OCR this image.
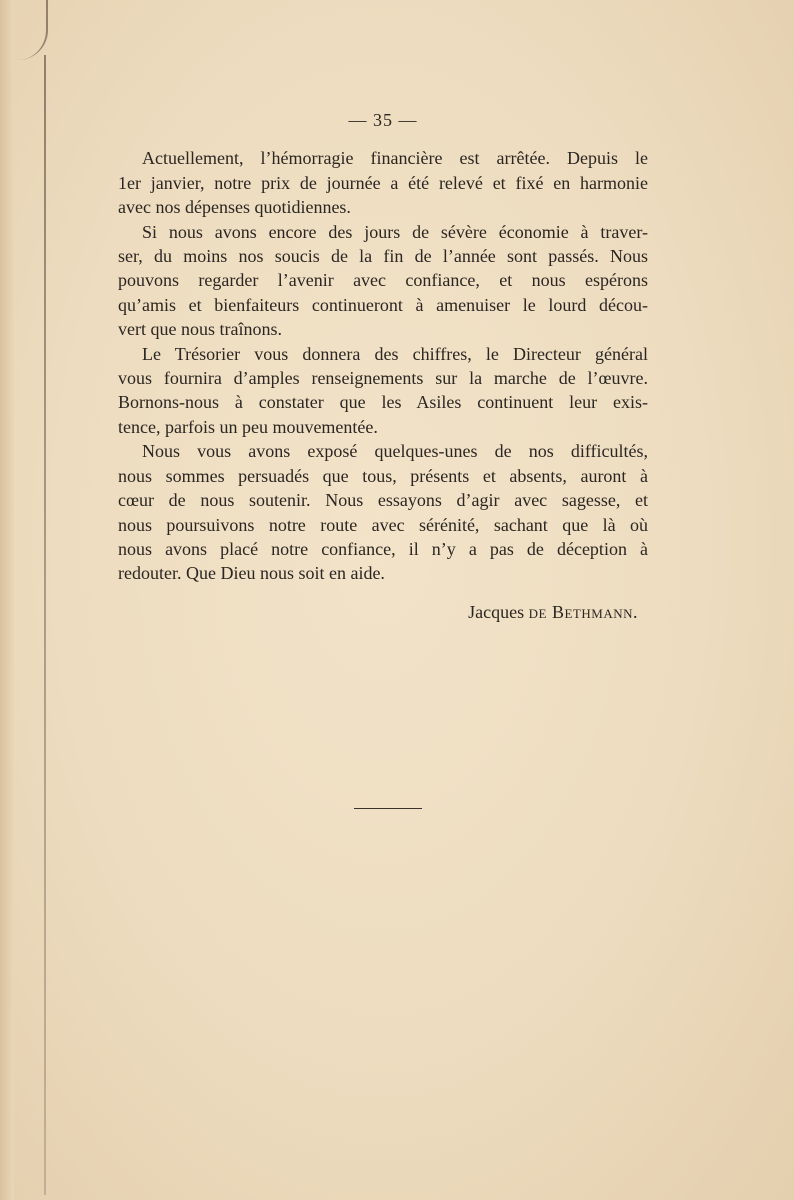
— 35 —
Actuellement, l’hémorragie financière est arrêtée. Depuis le
1er janvier, notre prix de journée a été relevé et fixé en harmonie
avec nos dépenses quotidiennes.
Si nous avons encore des jours de sévère économie à traver-
ser, du moins nos soucis de la fin de l’année sont passés. Nous
pouvons regarder l’avenir avec confiance, et nous espérons
qu’amis et bienfaiteurs continueront à amenuiser le lourd décou-
vert que nous traînons.
Le Trésorier vous donnera des chiffres, le Directeur général
vous fournira d’amples renseignements sur la marche de l’œuvre.
Bornons-nous à constater que les Asiles continuent leur exis-
tence, parfois un peu mouvementée.
Nous vous avons exposé quelques-unes de nos difficultés,
nous sommes persuadés que tous, présents et absents, auront à
cœur de nous soutenir. Nous essayons d’agir avec sagesse, et
nous poursuivons notre route avec sérénité, sachant que là où
nous avons placé notre confiance, il n’y a pas de déception à
redouter. Que Dieu nous soit en aide.
Jacques de Bethmann.
